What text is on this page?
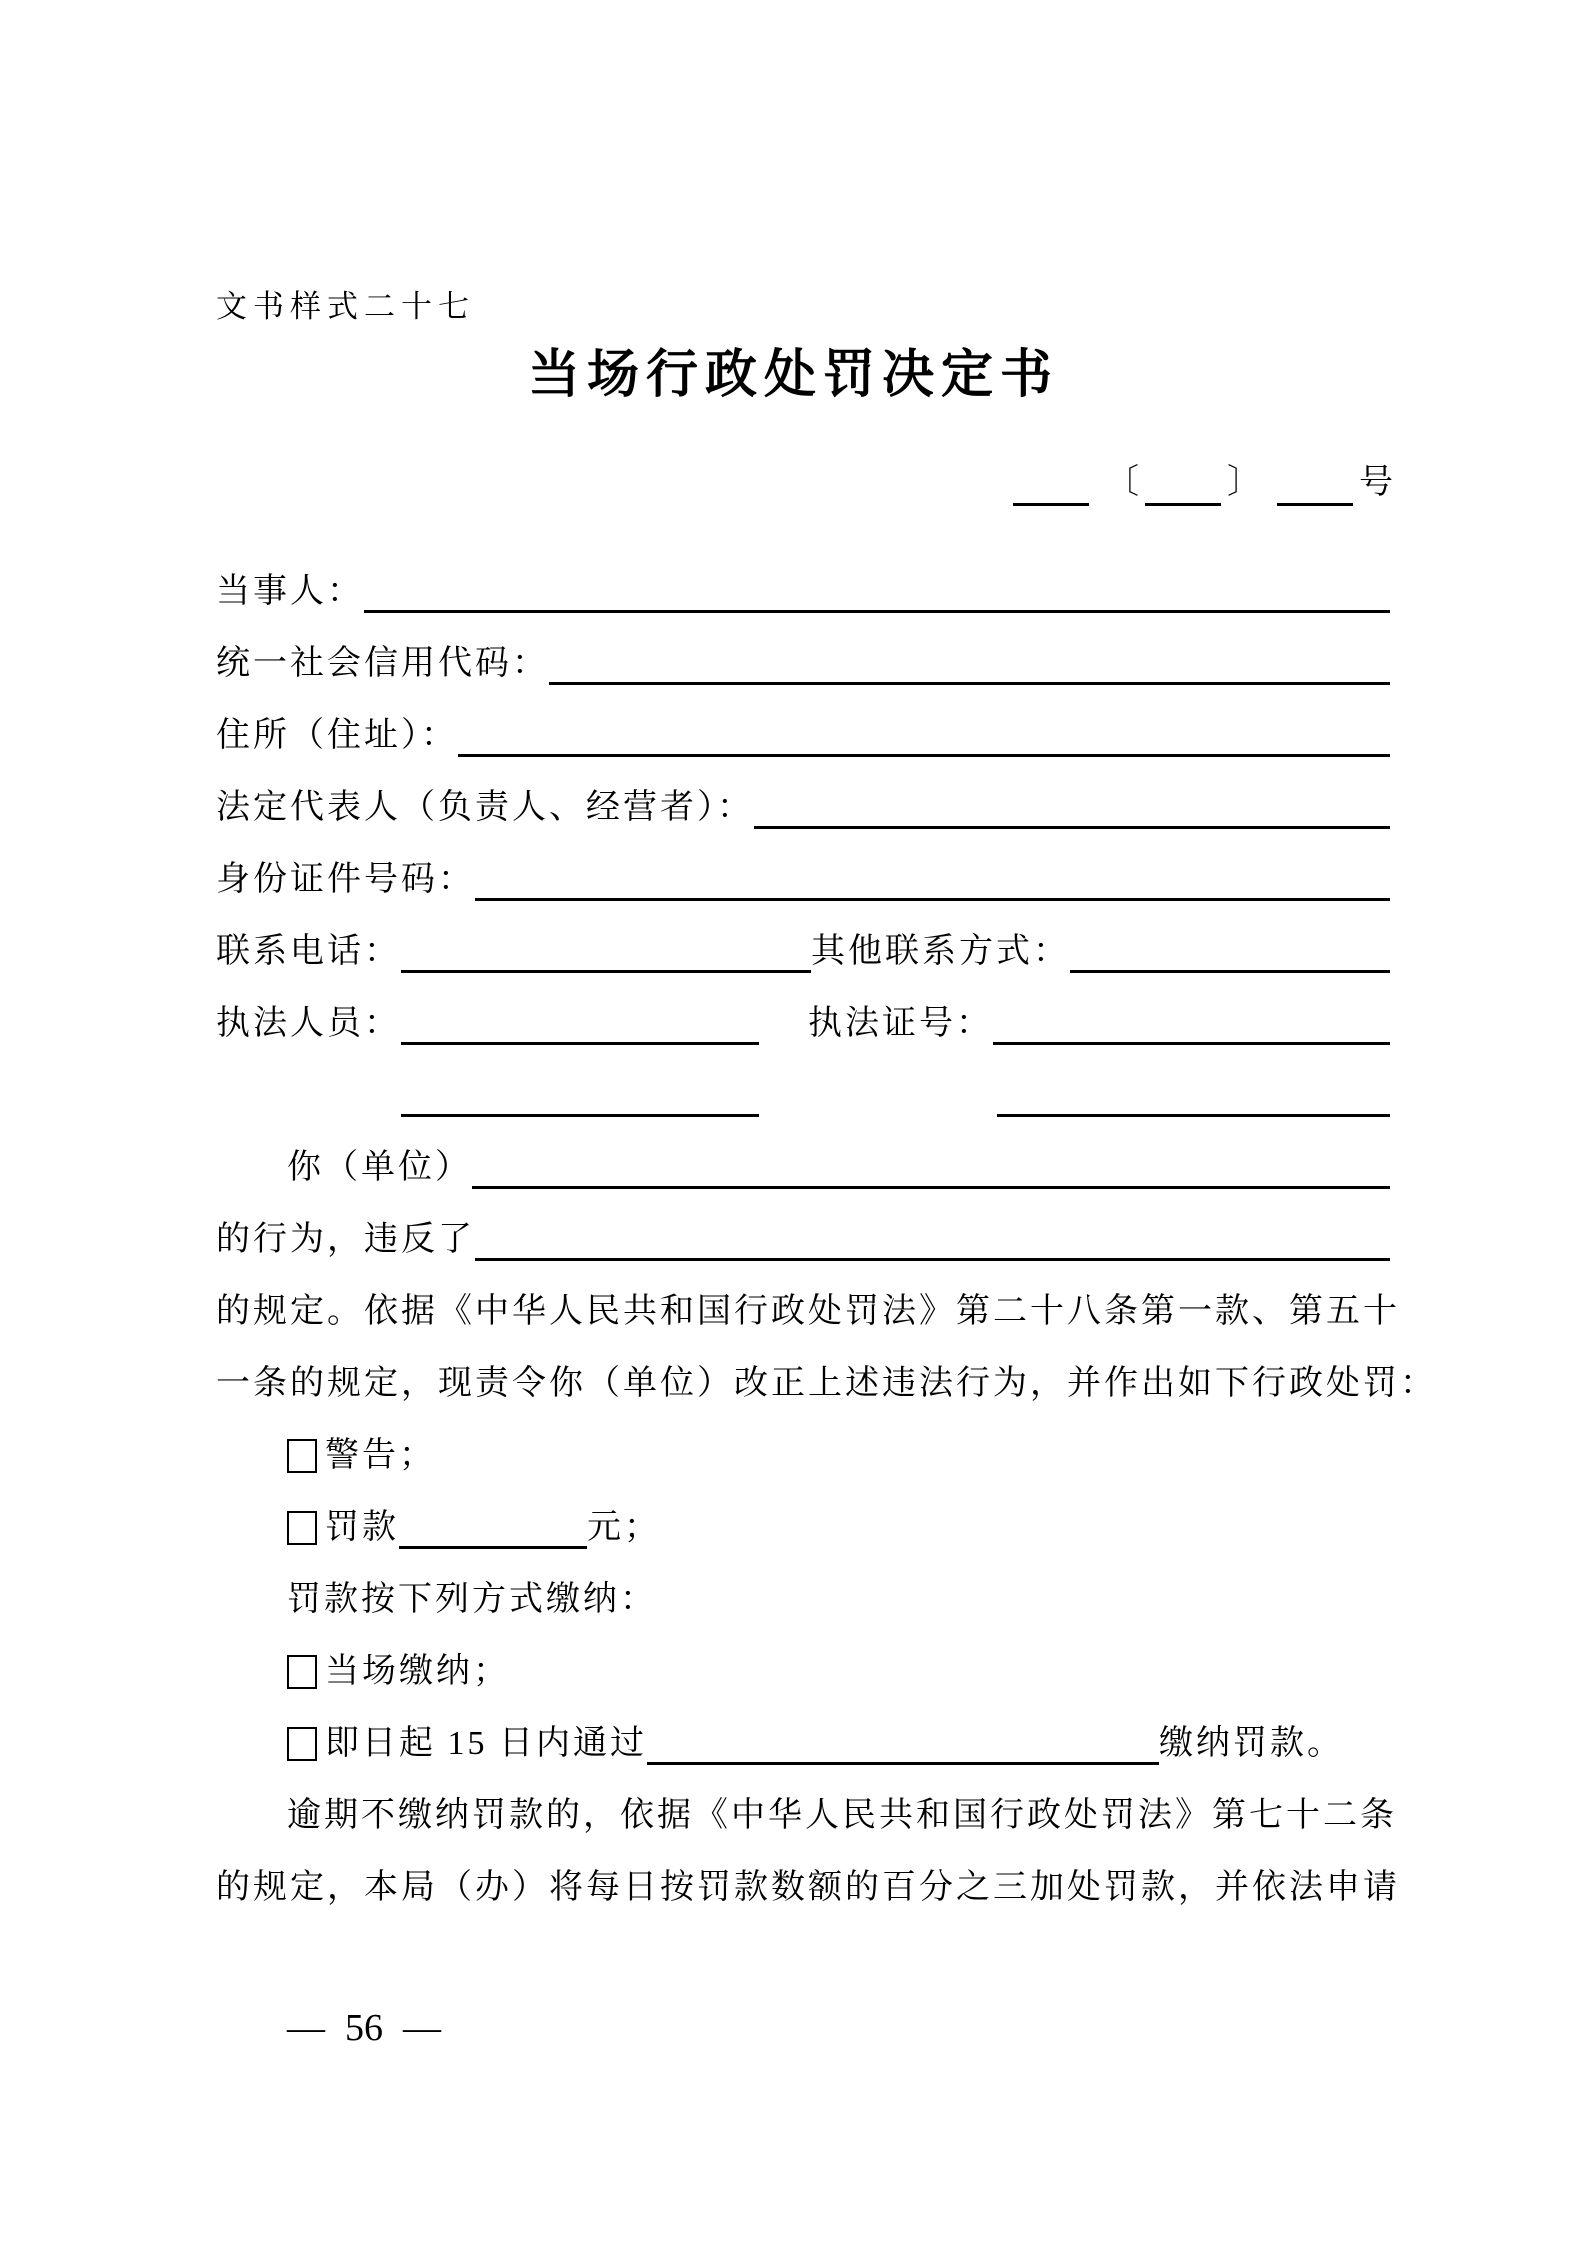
文书样式二十七
当场行政处罚决定书
〔	〕	号
当事人：
统一社会信用代码：
住所（住址）：
法定代表人（负责人、经营者）：
身份证件号码：
联系电话：	其他联系方式：
执法人员：	执法证号：
你（单位）
的行为，违反了
的规定。依据《中华人民共和国行政处罚法》第二十八条第一款、第五十
一条的规定，现责令你（单位）改正上述违法行为，并作出如下行政处罚：
警告；
罚款	元；
罚款按下列方式缴纳：
当场缴纳；
即日起 15 日内通过	缴纳罚款。
逾期不缴纳罚款的，依据《中华人民共和国行政处罚法》第七十二条
的规定，本局（办）将每日按罚款数额的百分之三加处罚款，并依法申请
— 56 —
